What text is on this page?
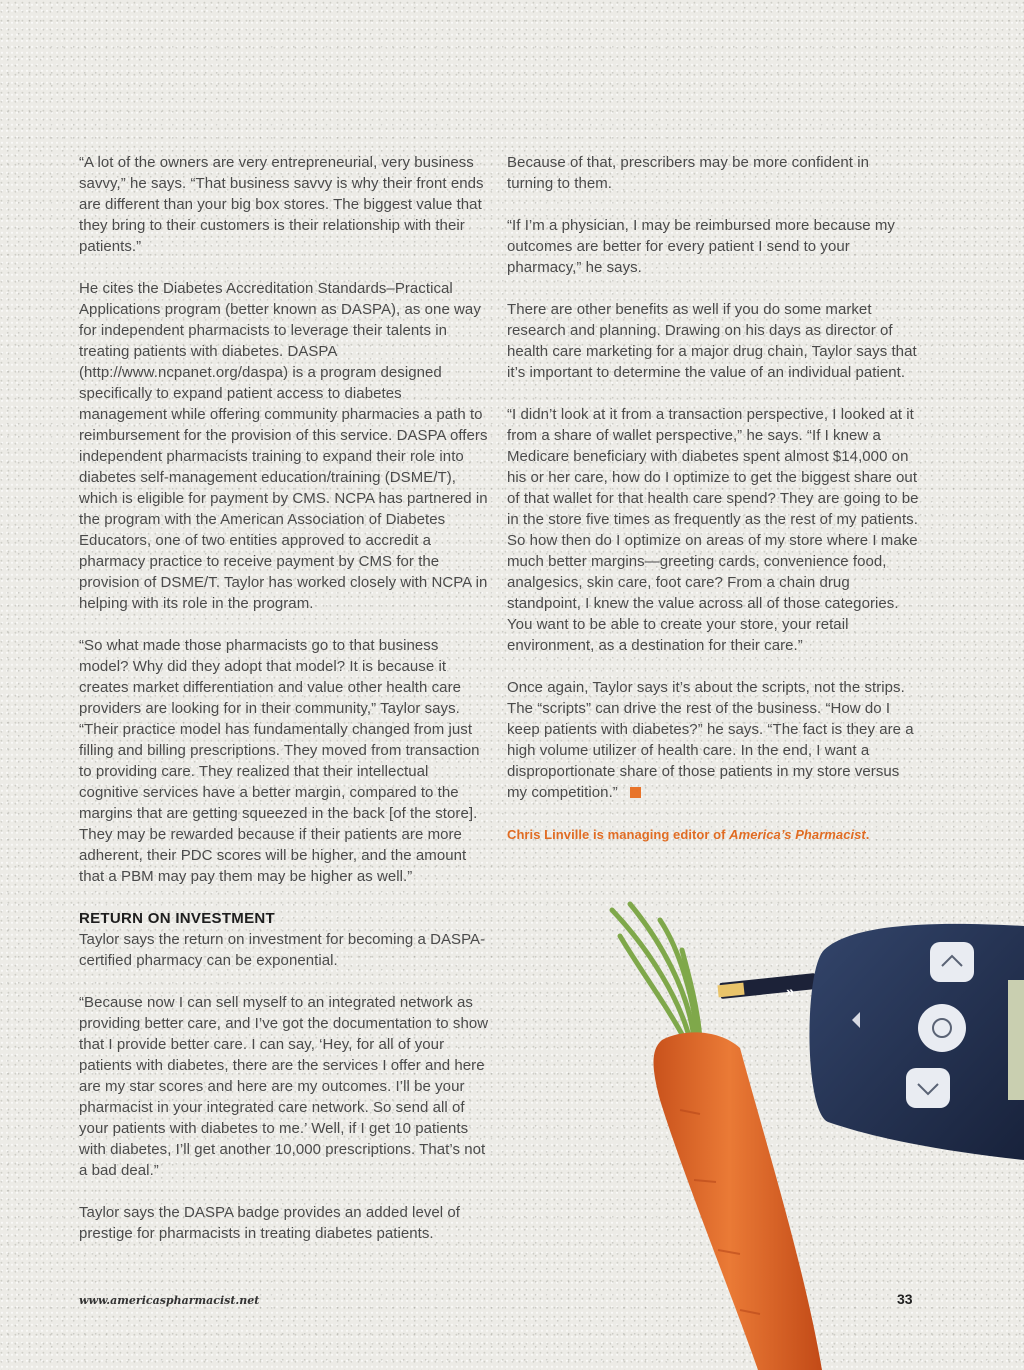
“A lot of the owners are very entrepreneurial, very business savvy,” he says. “That business savvy is why their front ends are different than your big box stores. The biggest value that they bring to their customers is their relationship with their patients.”

He cites the Diabetes Accreditation Standards–Practical Applications program (better known as DASPA), as one way for independent pharmacists to leverage their talents in treating patients with diabetes. DASPA (http://www.ncpanet.org/daspa) is a program designed specifically to expand patient access to diabetes management while offering community pharmacies a path to reimbursement for the provision of this service. DASPA offers independent pharmacists training to expand their role into diabetes self-management education/training (DSME/T), which is eligible for payment by CMS. NCPA has partnered in the program with the American Association of Diabetes Educators, one of two entities approved to accredit a pharmacy practice to receive payment by CMS for the provision of DSME/T. Taylor has worked closely with NCPA in helping with its role in the program.

“So what made those pharmacists go to that business model? Why did they adopt that model? It is because it creates market differentiation and value other health care providers are looking for in their community,” Taylor says. “Their practice model has fundamentally changed from just filling and billing prescriptions. They moved from transaction to providing care. They realized that their intellectual cognitive services have a better margin, compared to the margins that are getting squeezed in the back [of the store]. They may be rewarded because if their patients are more adherent, their PDC scores will be higher, and the amount that a PBM may pay them may be higher as well.”

RETURN ON INVESTMENT

Taylor says the return on investment for becoming a DASPA-certified pharmacy can be exponential.

“Because now I can sell myself to an integrated network as providing better care, and I’ve got the documentation to show that I provide better care. I can say, ‘Hey, for all of your patients with diabetes, there are the services I offer and here are my star scores and here are my outcomes. I’ll be your pharmacist in your integrated care network. So send all of your patients with diabetes to me.’ Well, if I get 10 patients with diabetes, I’ll get another 10,000 prescriptions. That’s not a bad deal.”

Taylor says the DASPA badge provides an added level of prestige for pharmacists in treating diabetes patients.

Because of that, prescribers may be more confident in turning to them.

“If I’m a physician, I may be reimbursed more because my outcomes are better for every patient I send to your pharmacy,” he says.

There are other benefits as well if you do some market research and planning. Drawing on his days as director of health care marketing for a major drug chain, Taylor says that it’s important to determine the value of an individual patient.

“I didn’t look at it from a transaction perspective, I looked at it from a share of wallet perspective,” he says. “If I knew a Medicare beneficiary with diabetes spent almost $14,000 on his or her care, how do I optimize to get the biggest share out of that wallet for that health care spend? They are going to be in the store five times as frequently as the rest of my patients. So how then do I optimize on areas of my store where I make much better margins—greeting cards, convenience food, analgesics, skin care, foot care? From a chain drug standpoint, I knew the value across all of those categories. You want to be able to create your store, your retail environment, as a destination for their care.”

Once again, Taylor says it’s about the scripts, not the strips. The “scripts” can drive the rest of the business. “How do I keep patients with diabetes?” he says. “The fact is they are a high volume utilizer of health care. In the end, I want a disproportionate share of those patients in my store versus my competition.”

Chris Linville is managing editor of America’s Pharmacist.

»
www.americaspharmacist.net	33
